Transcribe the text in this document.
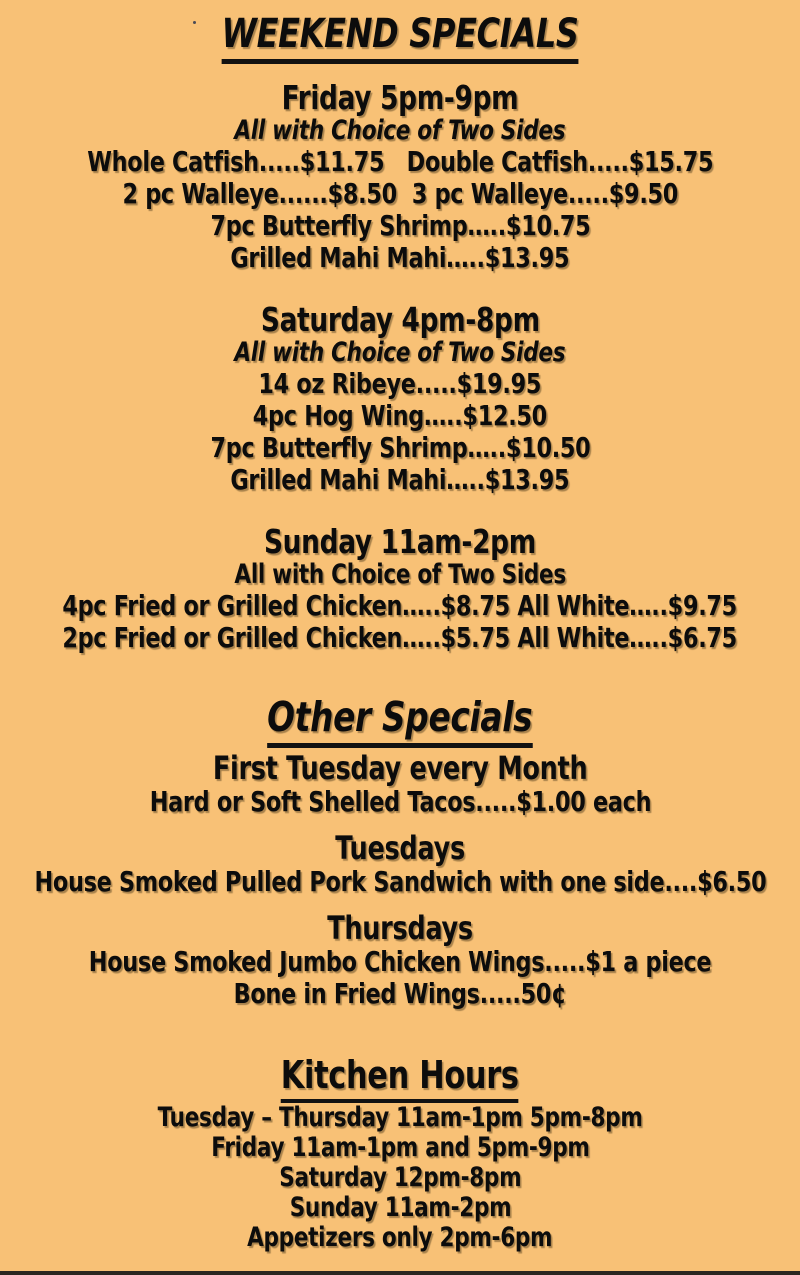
WEEKEND SPECIALS
Friday 5pm-9pm
All with Choice of Two Sides
Whole Catfish.....$11.75   Double Catfish.....$15.75
2 pc Walleye......$8.50  3 pc Walleye.....$9.50
7pc Butterfly Shrimp…..$10.75
Grilled Mahi Mahi…..$13.95
Saturday 4pm-8pm
All with Choice of Two Sides
14 oz Ribeye.....$19.95
4pc Hog Wing…..$12.50
7pc Butterfly Shrimp…..$10.50
Grilled Mahi Mahi…..$13.95
Sunday 11am-2pm
All with Choice of Two Sides
4pc Fried or Grilled Chicken…..$8.75 All White…..$9.75
2pc Fried or Grilled Chicken…..$5.75 All White…..$6.75
Other Specials
First Tuesday every Month
Hard or Soft Shelled Tacos.....$1.00 each
Tuesdays
House Smoked Pulled Pork Sandwich with one side....$6.50
Thursdays
House Smoked Jumbo Chicken Wings.....$1 a piece
Bone in Fried Wings.....50¢
Kitchen Hours
Tuesday – Thursday 11am-1pm 5pm-8pm
Friday 11am-1pm and 5pm-9pm
Saturday 12pm-8pm
Sunday 11am-2pm
Appetizers only 2pm-6pm
